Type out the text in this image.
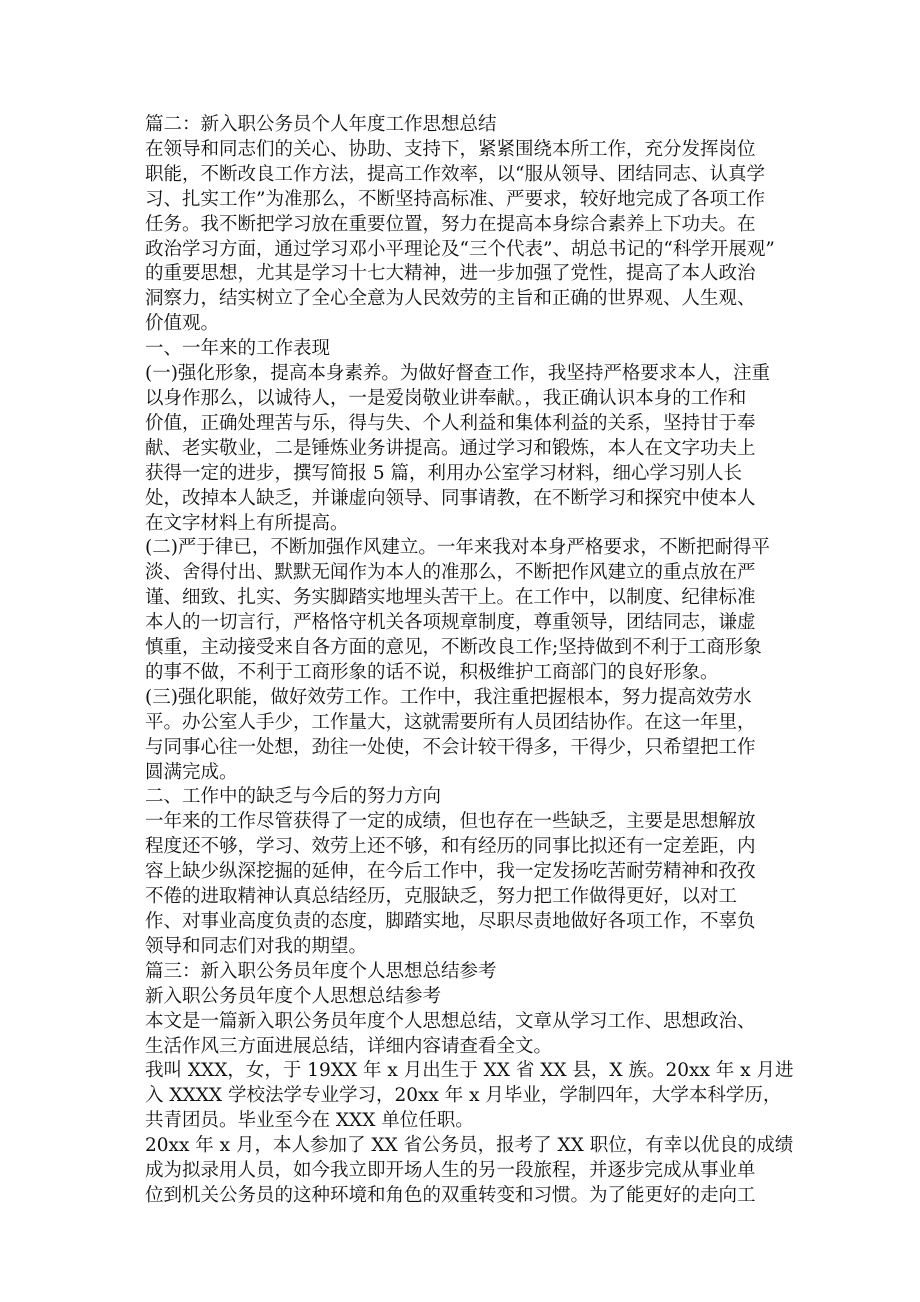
篇二：新入职公务员个人年度工作思想总结
在领导和同志们的关心、协助、支持下，紧紧围绕本所工作，充分发挥岗位
职能，不断改良工作方法，提高工作效率，以“服从领导、团结同志、认真学
习、扎实工作”为准那么，不断坚持高标准、严要求，较好地完成了各项工作
任务。我不断把学习放在重要位置，努力在提高本身综合素养上下功夫。在
政治学习方面，通过学习邓小平理论及“三个代表”、胡总书记的“科学开展观”
的重要思想，尤其是学习十七大精神，进一步加强了党性，提高了本人政治
洞察力，结实树立了全心全意为人民效劳的主旨和正确的世界观、人生观、
价值观。
一、一年来的工作表现
(一)强化形象，提高本身素养。为做好督查工作，我坚持严格要求本人，注重
以身作那么，以诚待人，一是爱岗敬业讲奉献。，我正确认识本身的工作和
价值，正确处理苦与乐，得与失、个人利益和集体利益的关系，坚持甘于奉
献、老实敬业，二是锤炼业务讲提高。通过学习和锻炼，本人在文字功夫上
获得一定的进步，撰写简报 5 篇，利用办公室学习材料，细心学习别人长
处，改掉本人缺乏，并谦虚向领导、同事请教，在不断学习和探究中使本人
在文字材料上有所提高。
(二)严于律已，不断加强作风建立。一年来我对本身严格要求，不断把耐得平
淡、舍得付出、默默无闻作为本人的准那么，不断把作风建立的重点放在严
谨、细致、扎实、务实脚踏实地埋头苦干上。在工作中，以制度、纪律标准
本人的一切言行，严格恪守机关各项规章制度，尊重领导，团结同志，谦虚
慎重，主动接受来自各方面的意见，不断改良工作;坚持做到不利于工商形象
的事不做，不利于工商形象的话不说，积极维护工商部门的良好形象。
(三)强化职能，做好效劳工作。工作中，我注重把握根本，努力提高效劳水
平。办公室人手少，工作量大，这就需要所有人员团结协作。在这一年里，
与同事心往一处想，劲往一处使，不会计较干得多，干得少，只希望把工作
圆满完成。
二、工作中的缺乏与今后的努力方向
一年来的工作尽管获得了一定的成绩，但也存在一些缺乏，主要是思想解放
程度还不够，学习、效劳上还不够，和有经历的同事比拟还有一定差距，内
容上缺少纵深挖掘的延伸，在今后工作中，我一定发扬吃苦耐劳精神和孜孜
不倦的进取精神认真总结经历，克服缺乏，努力把工作做得更好，以对工
作、对事业高度负责的态度，脚踏实地，尽职尽责地做好各项工作，不辜负
领导和同志们对我的期望。
篇三：新入职公务员年度个人思想总结参考
新入职公务员年度个人思想总结参考
本文是一篇新入职公务员年度个人思想总结，文章从学习工作、思想政治、
生活作风三方面进展总结，详细内容请查看全文。
我叫 XXX，女，于 19XX 年 x 月出生于 XX 省 XX 县，X 族。20xx 年 x 月进
入 XXXX 学校法学专业学习，20xx 年 x 月毕业，学制四年，大学本科学历，
共青团员。毕业至今在 XXX 单位任职。
20xx 年 x 月，本人参加了 XX 省公务员，报考了 XX 职位，有幸以优良的成绩
成为拟录用人员，如今我立即开场人生的另一段旅程，并逐步完成从事业单
位到机关公务员的这种环境和角色的双重转变和习惯。为了能更好的走向工
